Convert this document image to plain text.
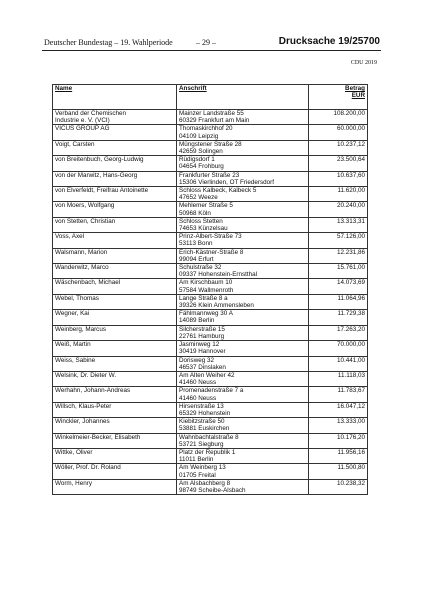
Deutscher Bundestag – 19. Wahlperiode	– 29 –	Drucksache 19/25700
CDU 2019
Name	Anschrift	Betrag
EUR

Verband der Chemischen
Industrie e. V. (VCI)	Mainzer Landstraße 55
60329 Frankfurt am Main	108.200,00

VICUS GROUP AG	Thomaskirchhof 20
04109 Leipzig	60.000,00

Voigt, Carsten	Müngstener Straße 28
42659 Solingen	10.237,12

von Breitenbuch, Georg-Ludwig	Rüdigsdorf 1
04654 Frohburg	23.500,64

von der Marwitz, Hans-Georg	Frankfurter Straße 23
15306 Vierlinden, OT Friedersdorf	10.637,60

von Elverfeldt, Freifrau Antoinette	Schloss Kalbeck, Kalbeck 5
47652 Weeze	11.620,00

von Moers, Wolfgang	Mehlemer Straße 5
50968 Köln	20.240,00

von Stetten, Christian	Schloss Stetten
74653 Künzelsau	13.313,31

Voss, Axel	Prinz-Albert-Straße 73
53113 Bonn	57.126,00

Walsmann, Marion	Erich-Kästner-Straße 8
99094 Erfurt	12.231,86

Wanderwitz, Marco	Schulstraße 32
09337 Hohenstein-Ernstthal	15.761,00

Wäschenbach, Michael	Am Kirschbaum 10
57584 Wallmenroth	14.073,69

Webel, Thomas	Lange Straße 8 a
39326 Klein Ammensleben	11.064,96

Wegner, Kai	Fählmannweg 30 A
14089 Berlin	11.729,38

Weinberg, Marcus	Silcherstraße 15
22761 Hamburg	17.263,20

Weiß, Martin	Jasminweg 12
30419 Hannover	70.000,00

Weiss, Sabine	Dorisweg 32
46537 Dinslaken	10.441,00

Welsink, Dr. Dieter W.	Am Alten Weiher 42
41460 Neuss	11.118,03

Werhahn, Johann-Andreas	Promenadenstraße 7 a
41460 Neuss	11.783,67

Willsch, Klaus-Peter	Hirsenstraße 13
65329 Hohenstein	16.047,12

Winckler, Johannes	Kiebitzstraße 50
53881 Euskirchen	13.333,00

Winkelmeier-Becker, Elisabeth	Wahnbachtalstraße 8
53721 Siegburg	10.176,20

Wittke, Oliver	Platz der Republik 1
11011 Berlin	11.956,16

Wöller, Prof. Dr. Roland	Am Weinberg 13
01705 Freital	11.500,80

Worm, Henry	Am Alsbachberg 8
98749 Scheibe-Alsbach	10.238,32
